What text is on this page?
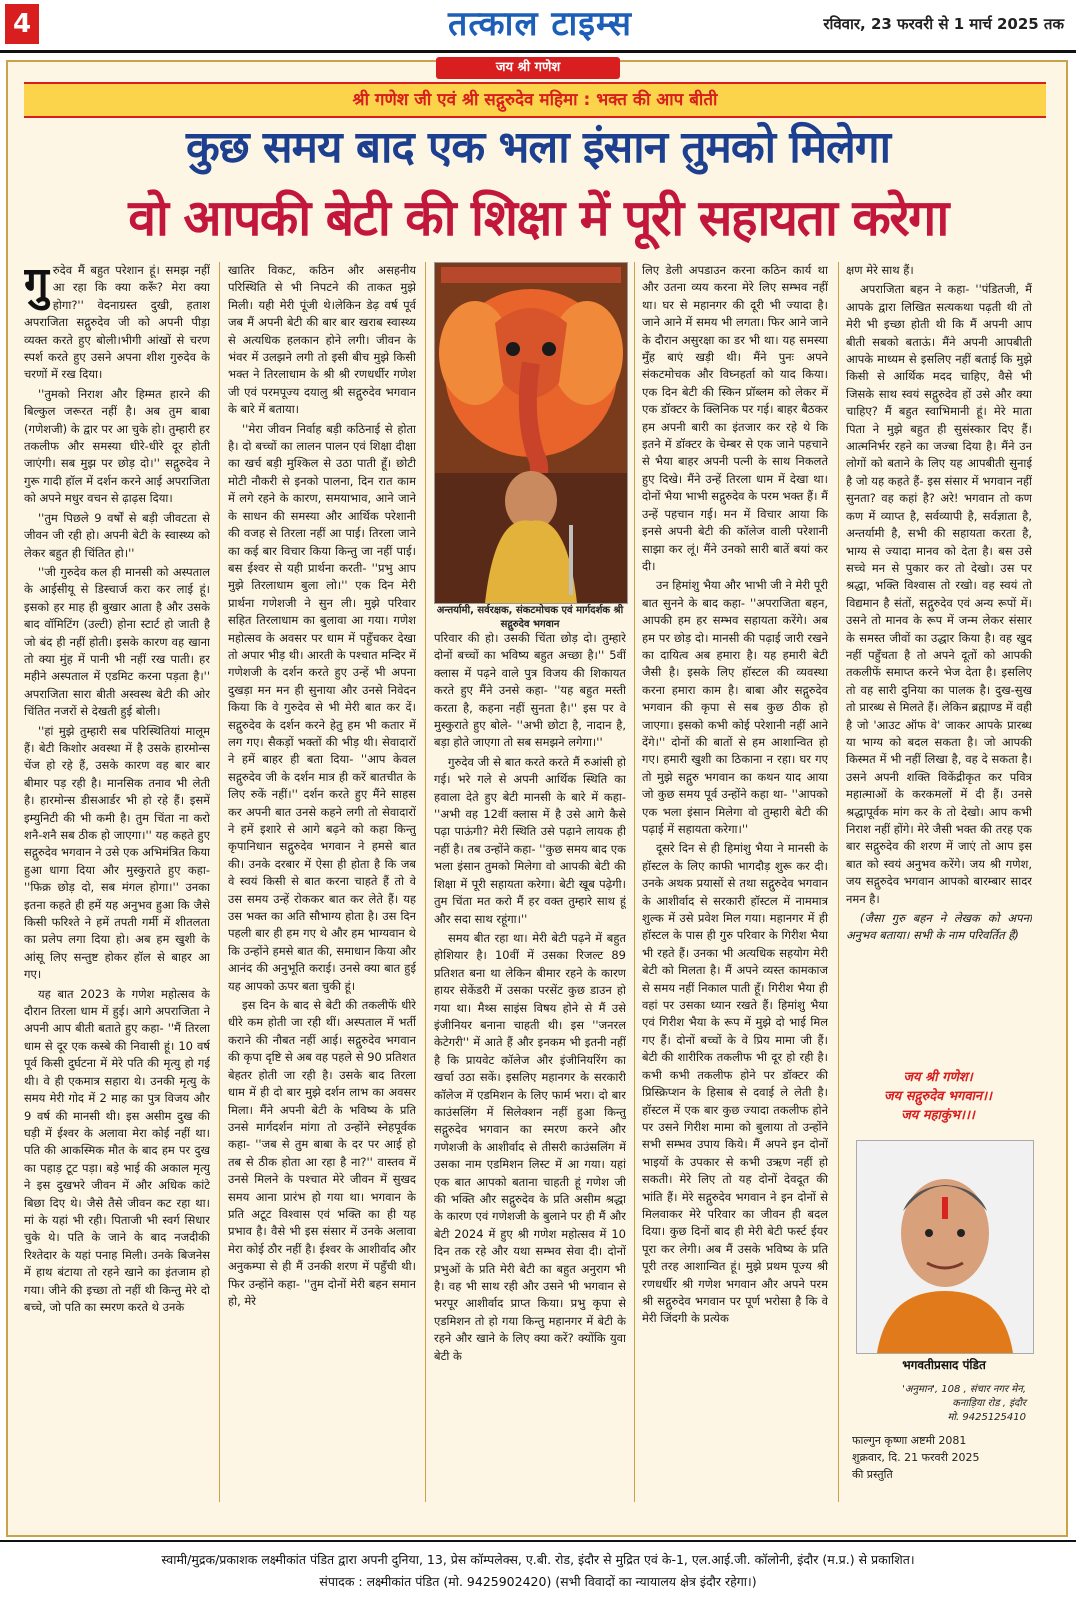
4	तत्काल टाइम्स	रविवार, 23 फरवरी से 1 मार्च 2025 तक
जय श्री गणेश
श्री गणेश जी एवं श्री सद्गुरुदेव महिमा : भक्त की आप बीती
कुछ समय बाद एक भला इंसान तुमको मिलेगा
वो आपकी बेटी की शिक्षा में पूरी सहायता करेगा
गु रुदेव मैं बहुत परेशान हूं। समझ नहीं आ रहा कि क्या करूँ? मेरा क्या होगा?'' वेदनाग्रस्त दुखी, हताश अपराजिता सद्गुरुदेव जी को अपनी पीड़ा व्यक्त करते हुए बोली।भीगी आंखों से चरण स्पर्श करते हुए उसने अपना शीश गुरुदेव के चरणों में रख दिया।

''तुमको निराश और हिम्मत हारने की बिल्कुल जरूरत नहीं है। अब तुम बाबा (गणेशजी) के द्वार पर आ चुके हो। तुम्हारी हर तकलीफ और समस्या धीरे-धीरे दूर होती जाएंगी। सब मुझ पर छोड़ दो।'' सद्गुरुदेव ने गुरू गादी हॉल में दर्शन करने आई अपराजिता को अपने मधुर वचन से ढ़ाढ़स दिया।

''तुम पिछले 9 वर्षों से बड़ी जीवटता से जीवन जी रही हो। अपनी बेटी के स्वास्थ्य को लेकर बहुत ही चिंतित हो।''

''जी गुरुदेव कल ही मानसी को अस्पताल के आईसीयू से डिस्चार्ज करा कर लाई हूं। इसको हर माह ही बुखार आता है और उसके बाद वॉमिटिंग (उल्टी) होना स्टार्ट हो जाती है जो बंद ही नहीं होती। इसके कारण वह खाना तो क्या मुंह में पानी भी नहीं रख पाती। हर महीने अस्पताल में एडमिट करना पड़ता है।'' अपराजिता सारा बीती अस्वस्थ बेटी की ओर चिंतित नजरों से देखती हुई बोली।

''हां मुझे तुम्हारी सब परिस्थितियां मालूम हैं। बेटी किशोर अवस्था में है उसके हारमोन्स चेंज हो रहे हैं, उसके कारण वह बार बार बीमार पड़ रही है। मानसिक तनाव भी लेती है। हारमोन्स डीसआर्डर भी हो रहे हैं। इसमें इम्युनिटी की भी कमी है। तुम चिंता ना करो शनै-शनै सब ठीक हो जाएगा।'' यह कहते हुए सद्गुरुदेव भगवान ने उसे एक अभिमंत्रित किया हुआ धागा दिया और मुस्कुराते हुए कहा- ''फिक्र छोड़ दो, सब मंगल होगा।'' उनका इतना कहते ही हमें यह अनुभव हुआ कि जैसे किसी फरिश्ते ने हमें तपती गर्मी में शीतलता का प्रलेप लगा दिया हो। अब हम खुशी के आंसू लिए सन्तुष्ट होकर हॉल से बाहर आ गए।

यह बात 2023 के गणेश महोत्सव के दौरान तिरला धाम में हुई। आगे अपराजिता ने अपनी आप बीती बताते हुए कहा- ''मैं तिरला धाम से दूर एक कस्बे की निवासी हूं। 10 वर्ष पूर्व किसी दुर्घटना में मेरे पति की मृत्यु हो गई थी। वे ही एकमात्र सहारा थे। उनकी मृत्यु के समय मेरी गोद में 2 माह का पुत्र विजय और 9 वर्ष की मानसी थी। इस असीम दुख की घड़ी में ईश्वर के अलावा मेरा कोई नहीं था। पति की आकस्मिक मौत के बाद हम पर दुख का पहाड़ टूट पड़ा। बड़े भाई की अकाल मृत्यु ने इस दुखभरे जीवन में और अधिक कांटे बिछा दिए थे। जैसे तैसे जीवन कट रहा था। मां के यहां भी रही। पिताजी भी स्वर्ग सिधार चुके थे। पति के जाने के बाद नजदीकी रिश्तेदार के यहां पनाह मिली। उनके बिजनेस में हाथ बंटाया तो रहने खाने का इंतजाम हो गया। जीने की इच्छा तो नहीं थी किन्तु मेरे दो बच्चे, जो पति का स्मरण करते थे उनके

खातिर विकट, कठिन और असहनीय परिस्थिति से भी निपटने की ताकत मुझे मिली। यही मेरी पूंजी थे।लेकिन डेढ़ वर्ष पूर्व जब मैं अपनी बेटी की बार बार खराब स्वास्थ्य से अत्यधिक हलकान होने लगी। जीवन के भंवर में उलझने लगी तो इसी बीच मुझे किसी भक्त ने तिरलाधाम के श्री श्री रणधर्धीर गणेश जी एवं परमपूज्य दयालु श्री सद्गुरुदेव भगवान के बारे में बताया।

''मेरा जीवन निर्वाह बड़ी कठिनाई से होता है। दो बच्चों का लालन पालन एवं शिक्षा दीक्षा का खर्च बड़ी मुश्किल से उठा पाती हूँ। छोटी मोटी नौकरी से इनको पालना, दिन रात काम में लगे रहने के कारण, समयाभाव, आने जाने के साधन की समस्या और आर्थिक परेशानी की वजह से तिरला नहीं आ पाई। तिरला जाने का कई बार विचार किया किन्तु जा नहीं पाई। बस ईश्वर से यही प्रार्थना करती- ''प्रभु आप मुझे तिरलाधाम बुला लो।'' एक दिन मेरी प्रार्थना गणेशजी ने सुन ली। मुझे परिवार सहित तिरलाधाम का बुलावा आ गया। गणेश महोत्सव के अवसर पर धाम में पहुँचकर देखा तो अपार भीड़ थी। आरती के पश्चात मन्दिर में गणेशजी के दर्शन करते हुए उन्हें भी अपना दुखड़ा मन मन ही सुनाया और उनसे निवेदन किया कि वे गुरुदेव से भी मेरी बात कर दें। सद्गुरुदेव के दर्शन करने हेतु हम भी कतार में लग गए। सैकड़ों भक्तों की भीड़ थी। सेवादारों ने हमें बाहर ही बता दिया- ''आप केवल सद्गुरुदेव जी के दर्शन मात्र ही करें बातचीत के लिए रुकें नहीं।'' दर्शन करते हुए मैंने साहस कर अपनी बात उनसे कहने लगी तो सेवादारों ने हमें इशारे से आगे बढ़ने को कहा किन्तु कृपानिधान सद्गुरुदेव भगवान ने हमसे बात की। उनके दरबार में ऐसा ही होता है कि जब वे स्वयं किसी से बात करना चाहते हैं तो वे उस समय उन्हें रोककर बात कर लेते हैं। यह उस भक्त का अति सौभाग्य होता है। उस दिन पहली बार ही हम गए थे और हम भाग्यवान थे कि उन्होंने हमसे बात की, समाधान किया और आनंद की अनुभूति कराई। उनसे क्या बात हुई यह आपको ऊपर बता चुकी हूं।

इस दिन के बाद से बेटी की तकलीफें धीरे धीरे कम होती जा रही थीं। अस्पताल में भर्ती कराने की नौबत नहीं आई। सद्गुरुदेव भगवान की कृपा दृष्टि से अब वह पहले से 90 प्रतिशत बेहतर होती जा रही है। उसके बाद तिरला धाम में ही दो बार मुझे दर्शन लाभ का अवसर मिला। मैंने अपनी बेटी के भविष्य के प्रति उनसे मार्गदर्शन मांगा तो उन्होंने स्नेहपूर्वक कहा- ''जब से तुम बाबा के दर पर आई हो तब से ठीक होता आ रहा है ना?'' वास्तव में उनसे मिलने के पश्चात मेरे जीवन में सुखद समय आना प्रारंभ हो गया था। भगवान के प्रति अटूट विश्वास एवं भक्ति का ही यह प्रभाव है। वैसे भी इस संसार में उनके अलावा मेरा कोई ठौर नहीं है। ईश्वर के आशीर्वाद और अनुकम्पा से ही मैं उनकी शरण में पहुँची थी। फिर उन्होंने कहा- ''तुम दोनों मेरी बहन समान हो, मेरे

अन्तर्यामी, सर्वरक्षक, संकटमोचक एवं मार्गदर्शक श्री सद्गुरुदेव भगवान

परिवार की हो। उसकी चिंता छोड़ दो। तुम्हारे दोनों बच्चों का भविष्य बहुत अच्छा है।'' 5वीं क्लास में पढ़ने वाले पुत्र विजय की शिकायत करते हुए मैंने उनसे कहा- ''यह बहुत मस्ती करता है, कहना नहीं सुनता है।'' इस पर वे मुस्कुराते हुए बोले- ''अभी छोटा है, नादान है, बड़ा होते जाएगा तो सब समझने लगेगा।''

गुरुदेव जी से बात करते करते मैं रुआंसी हो गई। भरे गले से अपनी आर्थिक स्थिति का हवाला देते हुए बेटी मानसी के बारे में कहा- ''अभी वह 12वीं क्लास में है उसे आगे कैसे पढ़ा पाऊंगी? मेरी स्थिति उसे पढ़ाने लायक ही नहीं है। तब उन्होंने कहा- ''कुछ समय बाद एक भला इंसान तुमको मिलेगा वो आपकी बेटी की शिक्षा में पूरी सहायता करेगा। बेटी खूब पढ़ेगी। तुम चिंता मत करो मैं हर वक्त तुम्हारे साथ हूं और सदा साथ रहूंगा।''

समय बीत रहा था। मेरी बेटी पढ़ने में बहुत होशियार है। 10वीं में उसका रिजल्ट 89 प्रतिशत बना था लेकिन बीमार रहने के कारण हायर सेकेंडरी में उसका परसेंट कुछ डाउन हो गया था। मैथ्स साइंस विषय होने से मैं उसे इंजीनियर बनाना चाहती थी। इस ''जनरल केटेगरी'' में आते हैं और इनकम भी इतनी नहीं है कि प्रायवेट कॉलेज और इंजीनियरिंग का खर्चा उठा सकें। इसलिए महानगर के सरकारी कॉलेज में एडमिशन के लिए फार्म भरा। दो बार काउंसलिंग में सिलेक्शन नहीं हुआ किन्तु सद्गुरुदेव भगवान का स्मरण करने और गणेशजी के आशीर्वाद से तीसरी काउंसलिंग में उसका नाम एडमिशन लिस्ट में आ गया। यहां एक बात आपको बताना चाहती हूं गणेश जी की भक्ति और सद्गुरुदेव के प्रति असीम श्रद्धा के कारण एवं गणेशजी के बुलाने पर ही मैं और बेटी 2024 में हुए श्री गणेश महोत्सव में 10 दिन तक रहे और यथा सम्भव सेवा दी। दोनों प्रभुओं के प्रति मेरी बेटी का बहुत अनुराग भी है। वह भी साथ रही और उसने भी भगवान से भरपूर आशीर्वाद प्राप्त किया। प्रभु कृपा से एडमिशन तो हो गया किन्तु महानगर में बेटी के रहने और खाने के लिए क्या करें? क्योंकि युवा बेटी के

लिए डेली अपडाउन करना कठिन कार्य था और उतना व्यय करना मेरे लिए सम्भव नहीं था। घर से महानगर की दूरी भी ज्यादा है। जाने आने में समय भी लगता। फिर आने जाने के दौरान असुरक्षा का डर भी था। यह समस्या मुँह बाएं खड़ी थी। मैंने पुनः अपने संकटमोचक और विघ्नहर्ता को याद किया। एक दिन बेटी की स्किन प्रॉब्लम को लेकर में एक डॉक्टर के क्लिनिक पर गई। बाहर बैठकर हम अपनी बारी का इंतजार कर रहे थे कि इतने में डॉक्टर के चेम्बर से एक जाने पहचाने से भैया बाहर अपनी पत्नी के साथ निकलते हुए दिखे। मैंने उन्हें तिरला धाम में देखा था। दोनों भैया भाभी सद्गुरुदेव के परम भक्त हैं। मैं उन्हें पहचान गई। मन में विचार आया कि इनसे अपनी बेटी की कॉलेज वाली परेशानी साझा कर लूं। मैंने उनको सारी बातें बयां कर दी।

उन हिमांशु भैया और भाभी जी ने मेरी पूरी बात सुनने के बाद कहा- ''अपराजिता बहन, आपकी हम हर सम्भव सहायता करेंगे। अब हम पर छोड़ दो। मानसी की पढ़ाई जारी रखने का दायित्व अब हमारा है। यह हमारी बेटी जैसी है। इसके लिए हॉस्टल की व्यवस्था करना हमारा काम है। बाबा और सद्गुरुदेव भगवान की कृपा से सब कुछ ठीक हो जाएगा। इसको कभी कोई परेशानी नहीं आने देंगे।'' दोनों की बातों से हम आशान्वित हो गए। हमारी खुशी का ठिकाना न रहा। घर गए तो मुझे सद्गुरु भगवान का कथन याद आया जो कुछ समय पूर्व उन्होंने कहा था- ''आपको एक भला इंसान मिलेगा वो तुम्हारी बेटी की पढ़ाई में सहायता करेगा।''

दूसरे दिन से ही हिमांशु भैया ने मानसी के हॉस्टल के लिए काफी भागदौड़ शुरू कर दी। उनके अथक प्रयासों से तथा सद्गुरुदेव भगवान के आशीर्वाद से सरकारी हॉस्टल में नाममात्र शुल्क में उसे प्रवेश मिल गया। महानगर में ही हॉस्टल के पास ही गुरु परिवार के गिरीश भैया भी रहते हैं। उनका भी अत्यधिक सहयोग मेरी बेटी को मिलता है। मैं अपने व्यस्त कामकाज से समय नहीं निकाल पाती हूँ। गिरीश भैया ही वहां पर उसका ध्यान रखते हैं। हिमांशु भैया एवं गिरीश भैया के रूप में मुझे दो भाई मिल गए हैं। दोनों बच्चों के वे प्रिय मामा जी हैं। बेटी की शारीरिक तकलीफ भी दूर हो रही है। कभी कभी तकलीफ होने पर डॉक्टर की प्रिस्क्रिप्शन के हिसाब से दवाई ले लेती है। हॉस्टल में एक बार कुछ ज्यादा तकलीफ होने पर उसने गिरीश मामा को बुलाया तो उन्होंने सभी सम्भव उपाय किये। मैं अपने इन दोनों भाइयों के उपकार से कभी उऋण नहीं हो सकती। मेरे लिए तो यह दोनों देवदूत की भांति हैं। मेरे सद्गुरुदेव भगवान ने इन दोनों से मिलवाकर मेरे परिवार का जीवन ही बदल दिया। कुछ दिनों बाद ही मेरी बेटी फर्स्ट ईयर पूरा कर लेगी। अब मैं उसके भविष्य के प्रति पूरी तरह आशान्वित हूं। मुझे प्रथम पूज्य श्री रणधर्धीर श्री गणेश भगवान और अपने परम श्री सद्गुरुदेव भगवान पर पूर्ण भरोसा है कि वे मेरी जिंदगी के प्रत्येक

क्षण मेरे साथ हैं।

अपराजिता बहन ने कहा- ''पंडितजी, मैं आपके द्वारा लिखित सत्यकथा पढ़ती थी तो मेरी भी इच्छा होती थी कि मैं अपनी आप बीती सबको बताऊं। मैंने अपनी आपबीती आपके माध्यम से इसलिए नहीं बताई कि मुझे किसी से आर्थिक मदद चाहिए, वैसे भी जिसके साथ स्वयं सद्गुरुदेव हों उसे और क्या चाहिए? मैं बहुत स्वाभिमानी हूं। मेरे माता पिता ने मुझे बहुत ही सुसंस्कार दिए हैं। आत्मनिर्भर रहने का जज्बा दिया है। मैंने उन लोगों को बताने के लिए यह आपबीती सुनाई है जो यह कहते हैं- इस संसार में भगवान नहीं सुनता? वह कहां है? अरे! भगवान तो कण कण में व्याप्त है, सर्वव्यापी है, सर्वज्ञाता है, अन्तर्यामी है, सभी की सहायता करता है, भाग्य से ज्यादा मानव को देता है। बस उसे सच्चे मन से पुकार कर तो देखो। उस पर श्रद्धा, भक्ति विश्वास तो रखो। वह स्वयं तो विद्यमान है संतों, सद्गुरुदेव एवं अन्य रूपों में। उसने तो मानव के रूप में जन्म लेकर संसार के समस्त जीवों का उद्धार किया है। वह खुद नहीं पहुँचता है तो अपने दूतों को आपकी तकलीफें समाप्त करने भेज देता है। इसलिए तो वह सारी दुनिया का पालक है। दुख-सुख तो प्रारब्ध से मिलते हैं। लेकिन ब्रह्माण्ड में वही है जो 'आउट ऑफ वे' जाकर आपके प्रारब्ध या भाग्य को बदल सकता है। जो आपकी किस्मत में भी नहीं लिखा है, वह दे सकता है। उसने अपनी शक्ति विकेंद्रीकृत कर पवित्र महात्माओं के करकमलों में दी हैं। उनसे श्रद्धापूर्वक मांग कर के तो देखो। आप कभी निराश नहीं होंगे। मेरे जैसी भक्त की तरह एक बार सद्गुरुदेव की शरण में जाएं तो आप इस बात को स्वयं अनुभव करेंगे। जय श्री गणेश, जय सद्गुरुदेव भगवान आपको बारम्बार सादर नमन है।

(जैसा गुरु बहन ने लेखक को अपना अनुभव बताया। सभी के नाम परिवर्तित हैं)

जय श्री गणेश।
जय सद्गुरुदेव भगवान।।
जय महाकुंभ।।।
भगवतीप्रसाद पंडित
'अनुमान', 108 , संचार नगर मेन,
कनाड़िया रोड , इंदौर
मो. 9425125410
फाल्गुन कृष्णा अष्टमी 2081
शुक्रवार, दि. 21 फरवरी 2025
की प्रस्तुति
स्वामी/मुद्रक/प्रकाशक लक्ष्मीकांत पंडित द्वारा अपनी दुनिया, 13, प्रेस कॉम्पलेक्स, ए.बी. रोड, इंदौर से मुद्रित एवं के-1, एल.आई.जी. कॉलोनी, इंदौर (म.प्र.) से प्रकाशित।
संपादक : लक्ष्मीकांत पंडित (मो. 9425902420) (सभी विवादों का न्यायालय क्षेत्र इंदौर रहेगा।)
